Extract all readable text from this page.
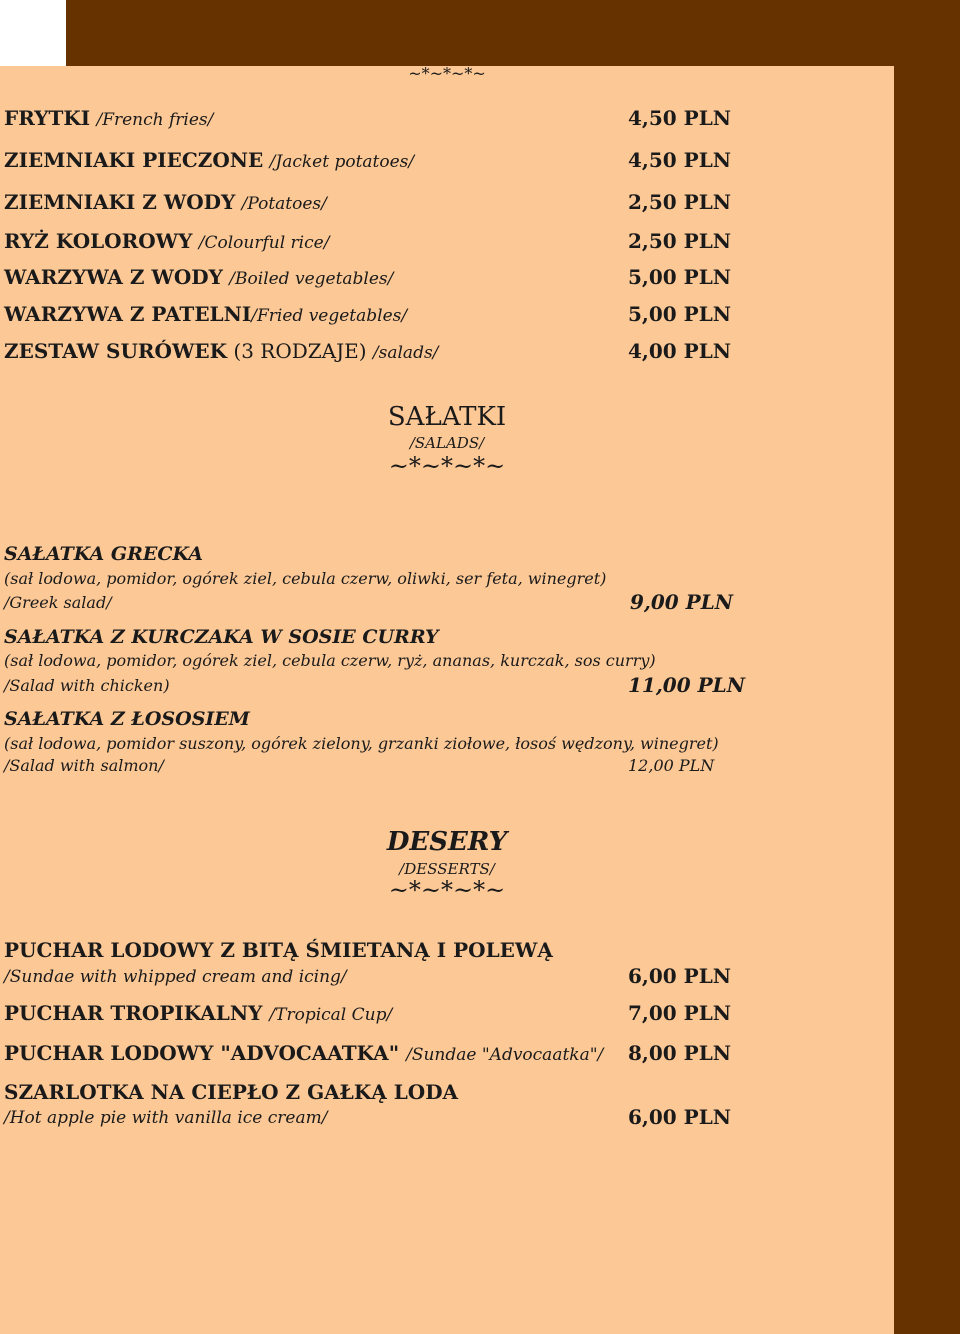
~*~*~*~
FRYTKI /French fries/	4,50 PLN
ZIEMNIAKI PIECZONE /Jacket potatoes/	4,50 PLN
ZIEMNIAKI Z WODY /Potatoes/	2,50 PLN
RYŻ KOLOROWY /Colourful rice/	2,50 PLN
WARZYWA Z WODY /Boiled vegetables/	5,00 PLN
WARZYWA Z PATELNI/Fried vegetables/	5,00 PLN
ZESTAW SURÓWEK (3 RODZAJE) /salads/	4,00 PLN
SAŁATKI
/SALADS/
~*~*~*~
SAŁATKA GRECKA
(sał lodowa, pomidor, ogórek ziel, cebula czerw, oliwki, ser feta, winegret)
/Greek salad/	9,00 PLN
SAŁATKA Z KURCZAKA W SOSIE CURRY
(sał lodowa, pomidor, ogórek ziel, cebula czerw, ryż, ananas, kurczak, sos curry)
/Salad with chicken)	11,00 PLN
SAŁATKA Z ŁOSOSIEM
(sał lodowa, pomidor suszony, ogórek zielony, grzanki ziołowe, łosoś wędzony, winegret)
/Salad with salmon/	12,00 PLN
DESERY
/DESSERTS/
~*~*~*~
PUCHAR LODOWY Z BITĄ ŚMIETANĄ I POLEWĄ
/Sundae with whipped cream and icing/	6,00 PLN
PUCHAR TROPIKALNY /Tropical Cup/	7,00 PLN
PUCHAR LODOWY "ADVOCAATKA" /Sundae "Advocaatka"/ 8,00 PLN
SZARLOTKA NA CIEPŁO Z GAŁKĄ LODA
/Hot apple pie with vanilla ice cream/	6,00 PLN
